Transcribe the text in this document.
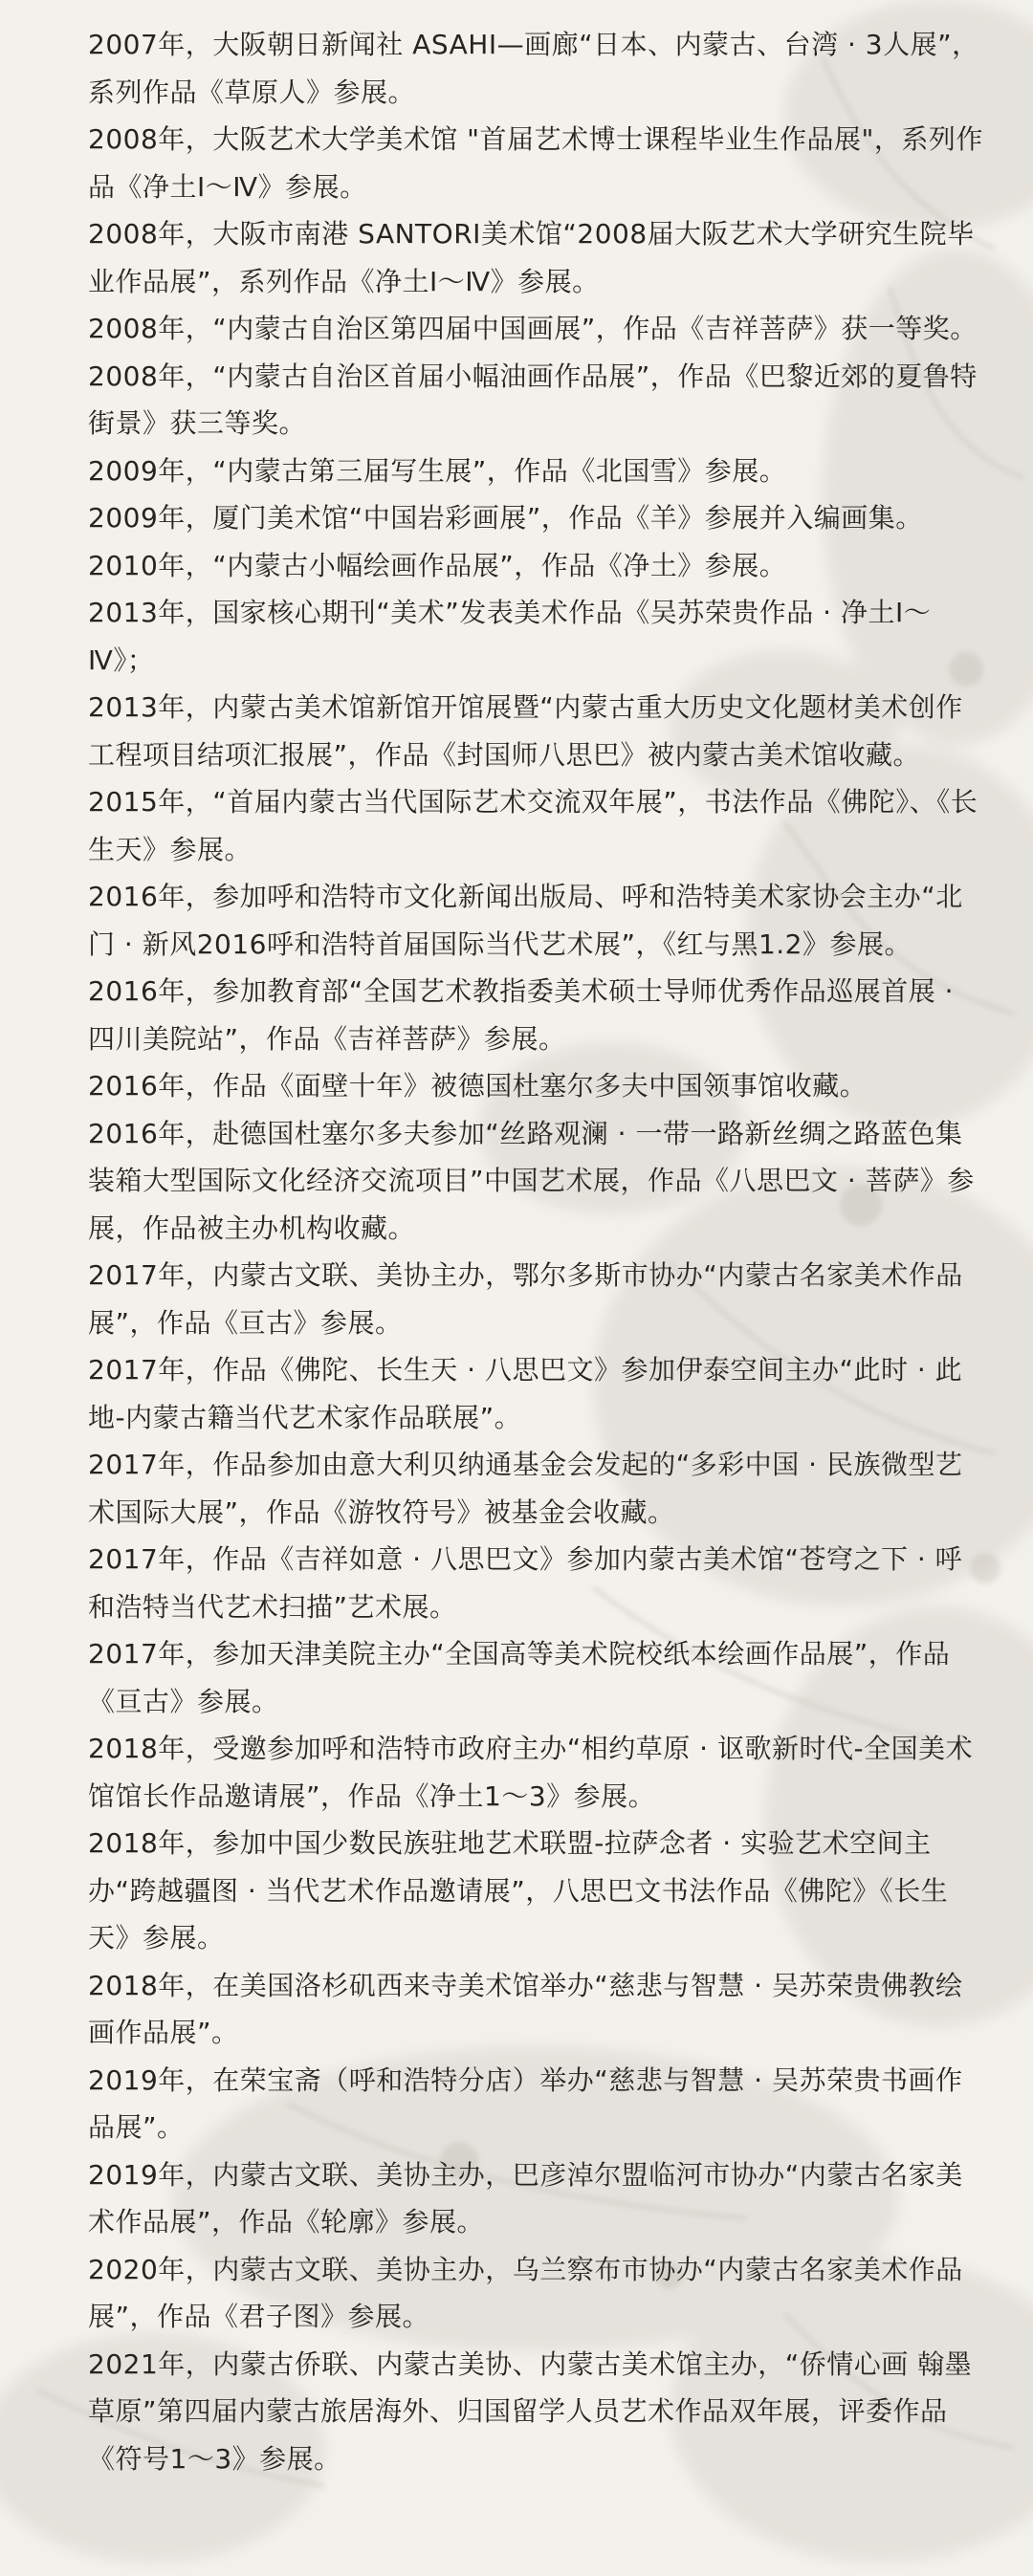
2007年，大阪朝日新闻社 ASAHI—画廊“日本、内蒙古、台湾 · 3人展”，系列作品《草原人》参展。
2008年，大阪艺术大学美术馆 "首届艺术博士课程毕业生作品展"，系列作品《净土Ⅰ～Ⅳ》参展。
2008年，大阪市南港 SANTORI美术馆“2008届大阪艺术大学研究生院毕业作品展”，系列作品《净土Ⅰ～Ⅳ》参展。
2008年，“内蒙古自治区第四届中国画展”，作品《吉祥菩萨》获一等奖。
2008年，“内蒙古自治区首届小幅油画作品展”，作品《巴黎近郊的夏鲁特街景》获三等奖。
2009年，“内蒙古第三届写生展”，作品《北国雪》参展。
2009年，厦门美术馆“中国岩彩画展”，作品《羊》参展并入编画集。
2010年，“内蒙古小幅绘画作品展”，作品《净土》参展。
2013年，国家核心期刊“美术”发表美术作品《吴苏荣贵作品 · 净土Ⅰ～Ⅳ》；
2013年，内蒙古美术馆新馆开馆展暨“内蒙古重大历史文化题材美术创作工程项目结项汇报展”，作品《封国师八思巴》被内蒙古美术馆收藏。
2015年，“首届内蒙古当代国际艺术交流双年展”，书法作品《佛陀》、《长生天》参展。
2016年，参加呼和浩特市文化新闻出版局、呼和浩特美术家协会主办“北门 · 新风2016呼和浩特首届国际当代艺术展”，《红与黑1.2》参展。
2016年，参加教育部“全国艺术教指委美术硕士导师优秀作品巡展首展 · 四川美院站”，作品《吉祥菩萨》参展。
2016年，作品《面壁十年》被德国杜塞尔多夫中国领事馆收藏。
2016年，赴德国杜塞尔多夫参加“丝路观澜 · 一带一路新丝绸之路蓝色集装箱大型国际文化经济交流项目”中国艺术展，作品《八思巴文 · 菩萨》参展，作品被主办机构收藏。
2017年，内蒙古文联、美协主办，鄂尔多斯市协办“内蒙古名家美术作品展”，作品《亘古》参展。
2017年，作品《佛陀、长生天 · 八思巴文》参加伊泰空间主办“此时 · 此地-内蒙古籍当代艺术家作品联展”。
2017年，作品参加由意大利贝纳通基金会发起的“多彩中国 · 民族微型艺术国际大展”，作品《游牧符号》被基金会收藏。
2017年，作品《吉祥如意 · 八思巴文》参加内蒙古美术馆“苍穹之下 · 呼和浩特当代艺术扫描”艺术展。
2017年，参加天津美院主办“全国高等美术院校纸本绘画作品展”，作品《亘古》参展。
2018年，受邀参加呼和浩特市政府主办“相约草原 · 讴歌新时代-全国美术馆馆长作品邀请展”，作品《净土1～3》参展。
2018年，参加中国少数民族驻地艺术联盟-拉萨念者 · 实验艺术空间主办“跨越疆图 · 当代艺术作品邀请展”，八思巴文书法作品《佛陀》《长生天》参展。
2018年，在美国洛杉矶西来寺美术馆举办“慈悲与智慧 · 吴苏荣贵佛教绘画作品展”。
2019年，在荣宝斋（呼和浩特分店）举办“慈悲与智慧 · 吴苏荣贵书画作品展”。
2019年，内蒙古文联、美协主办，巴彦淖尔盟临河市协办“内蒙古名家美术作品展”，作品《轮廓》参展。
2020年，内蒙古文联、美协主办，乌兰察布市协办“内蒙古名家美术作品展”，作品《君子图》参展。
2021年，内蒙古侨联、内蒙古美协、内蒙古美术馆主办，“侨情心画 翰墨草原”第四届内蒙古旅居海外、归国留学人员艺术作品双年展，评委作品《符号1～3》参展。
